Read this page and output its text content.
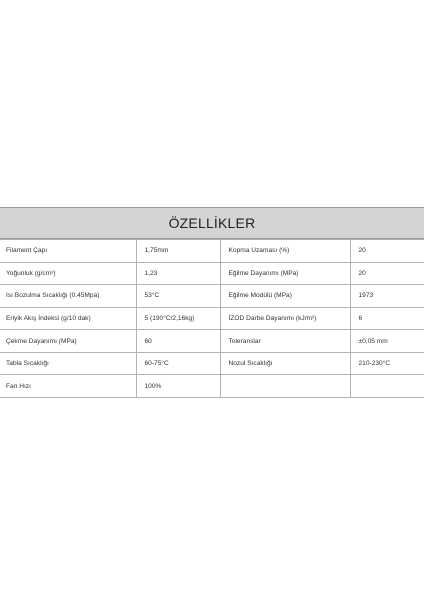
ÖZELLİKLER
Filament Çapı	1,75mm	Kopma Uzaması (%)	20
Yoğunluk (g/cm³)	1,23	Eğilme Dayanımı (MPa)	20
Isı Bozulma Sıcaklığı (0.45Mpa)	53°C	Eğilme Modülü (MPa)	1973
Eriyik Akış İndeksi (g/10 dak)	5 (190°C/2,16kg)	İZOD Darbe Dayanımı (kJ/m²)	6
Çekme Dayanımı (MPa)	60	Toleranslar	±0,05 mm
Tabla Sıcaklığı	60-75°C	Nozul Sıcaklığı	210-230°C
Fan Hızı	100%		
